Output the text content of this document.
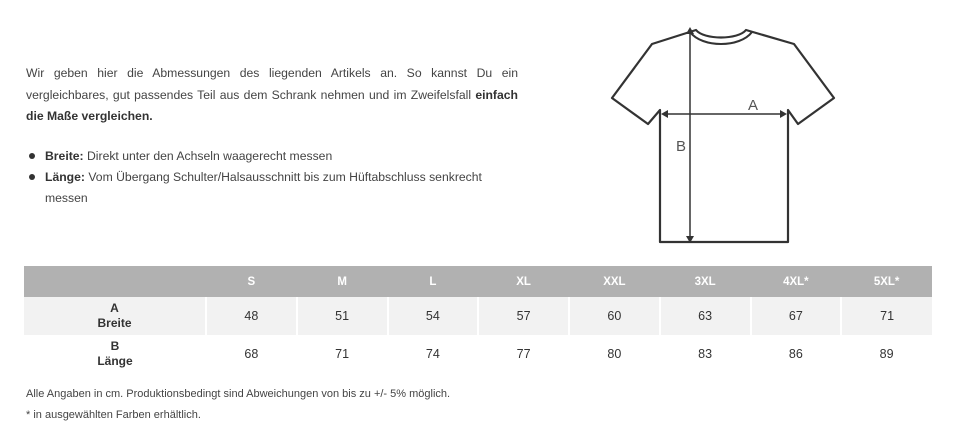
Wir geben hier die Abmessungen des liegenden Artikels an. So kannst Du ein vergleichbares, gut passendes Teil aus dem Schrank nehmen und im Zweifelsfall einfach die Maße vergleichen.

Breite: Direkt unter den Achseln waagerecht messen
Länge: Vom Übergang Schulter/Halsausschnitt bis zum Hüftabschluss senkrecht messen
A
B
	S	M	L	XL	XXL	3XL	4XL*	5XL*
A
Breite	48	51	54	57	60	63	67	71
B
Länge	68	71	74	77	80	83	86	89

Alle Angaben in cm. Produktionsbedingt sind Abweichungen von bis zu +/- 5% möglich.

* in ausgewählten Farben erhältlich.
